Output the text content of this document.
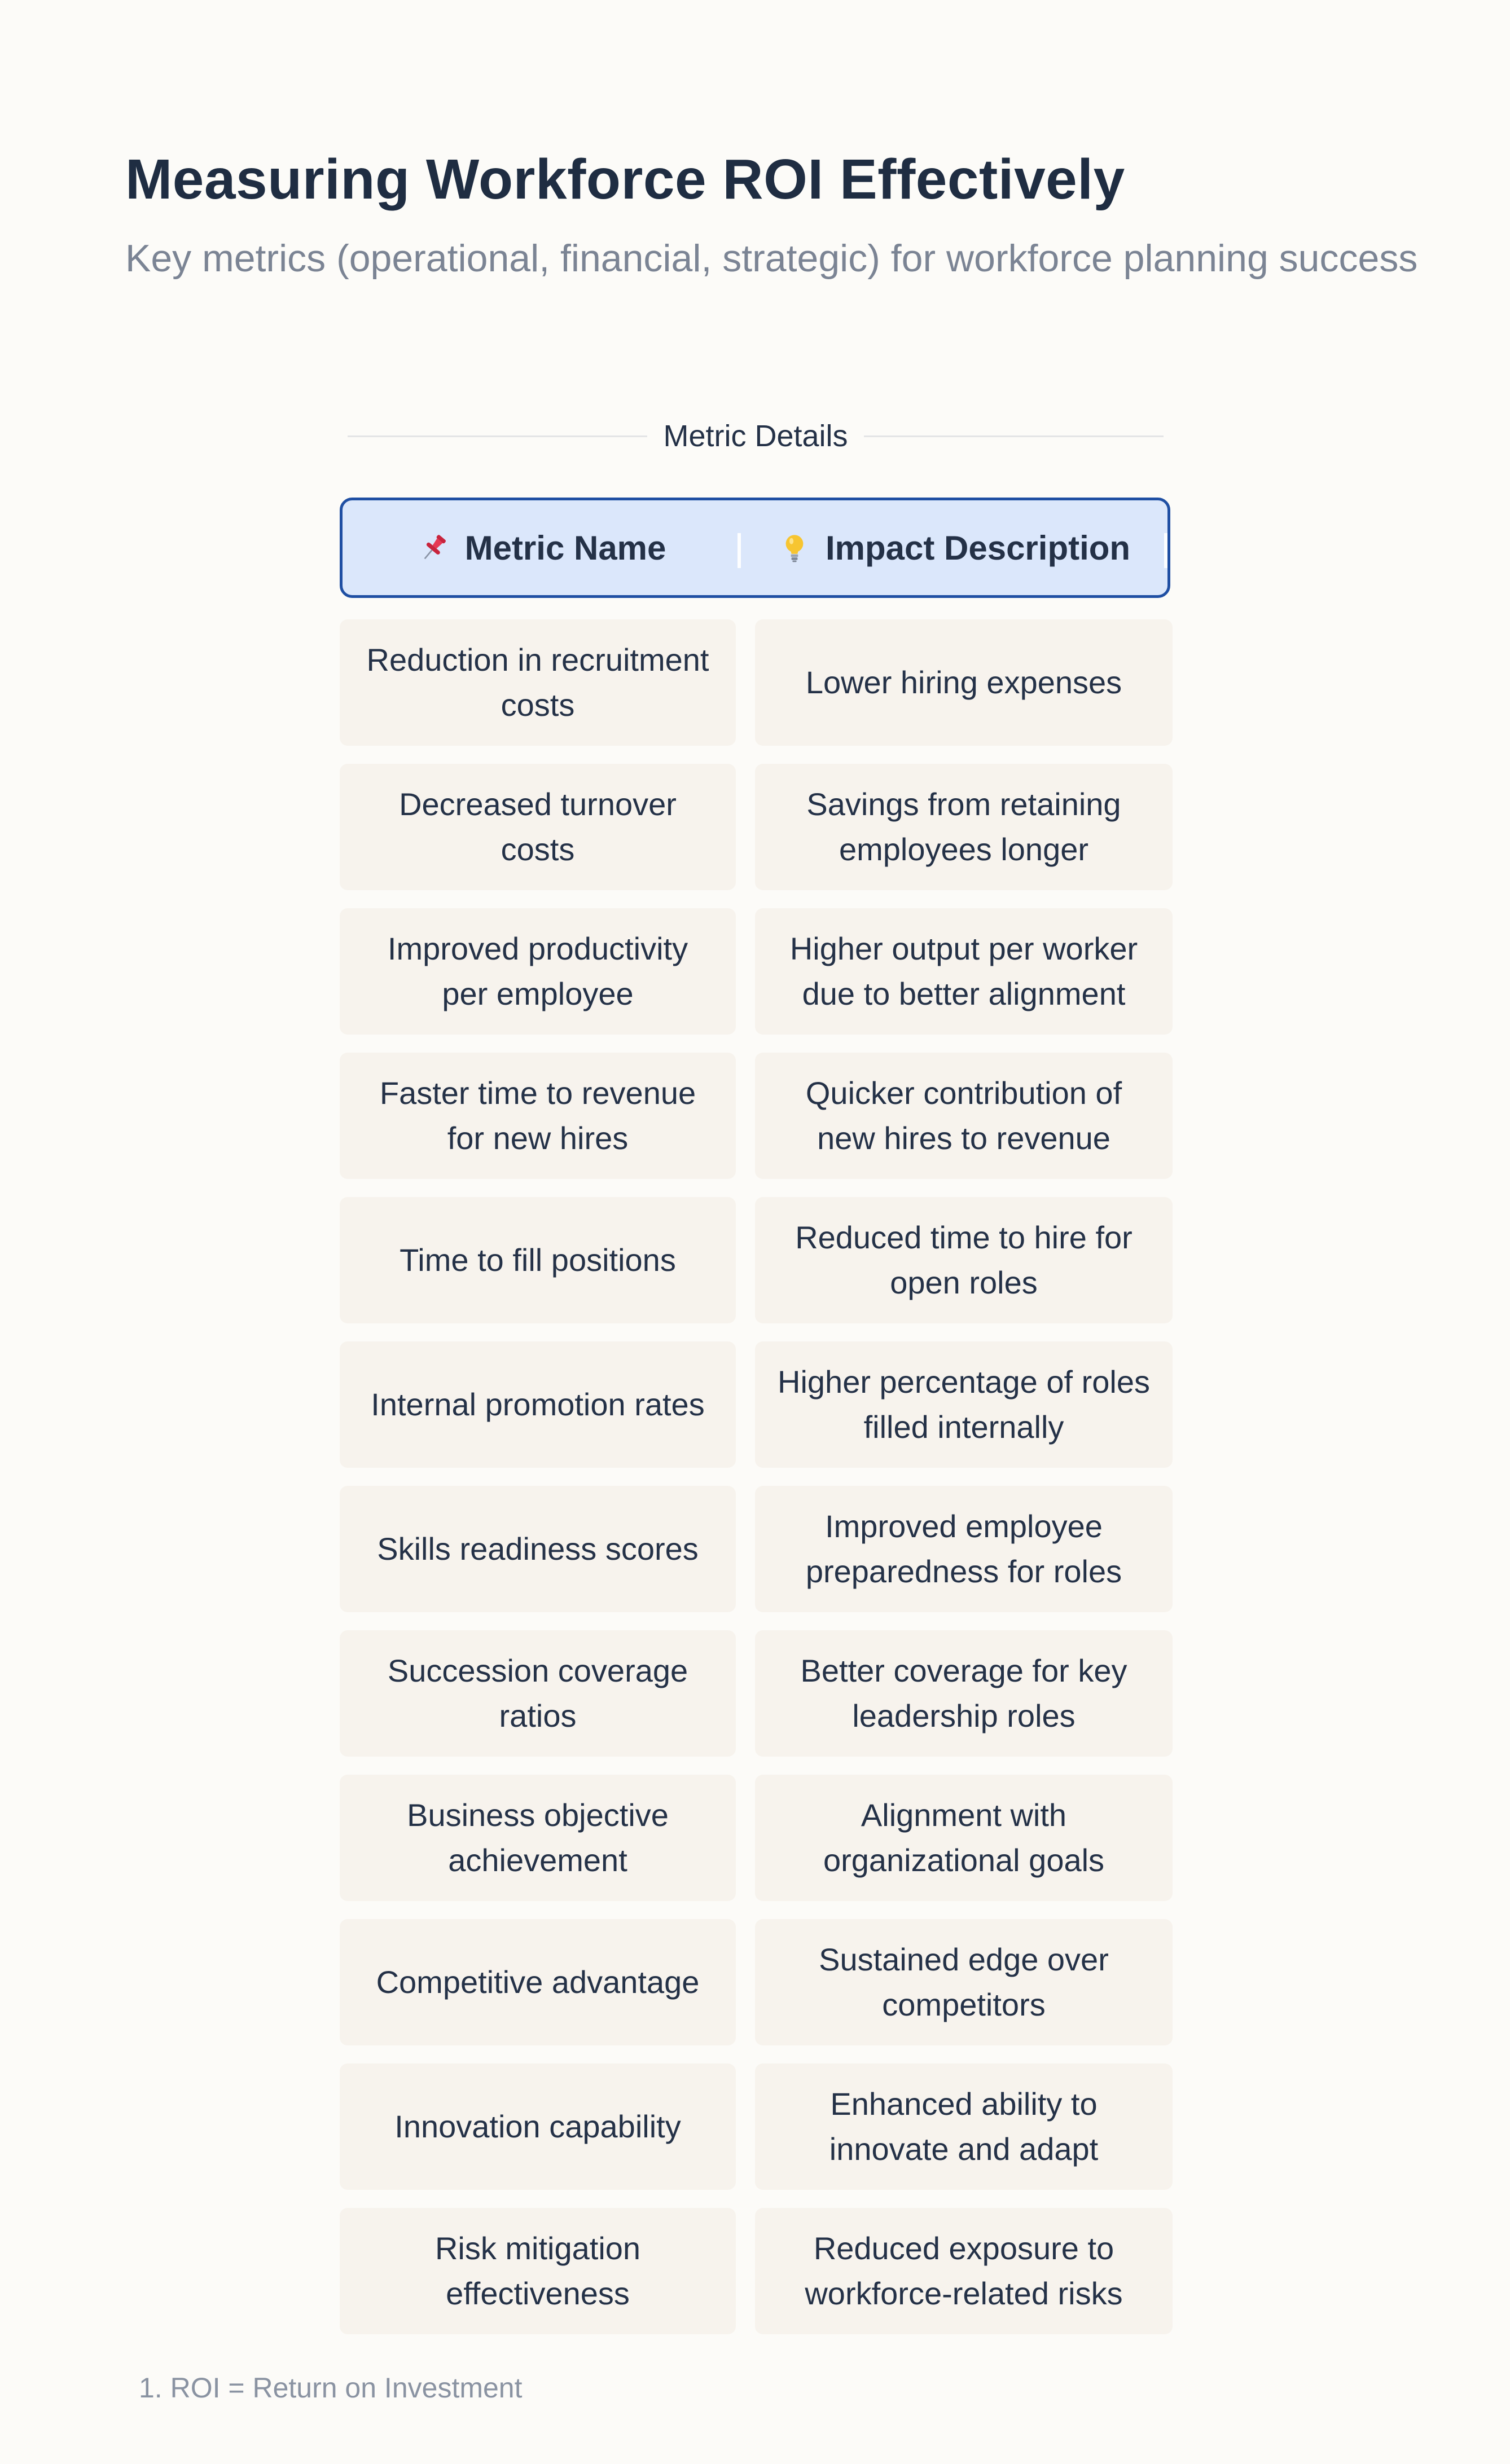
Measuring Workforce ROI Effectively

Key metrics (operational, financial, strategic) for workforce planning success

Metric Details
Metric Name	Impact Description
Reduction in recruitment costs
Lower hiring expenses
Decreased turnover costs
Savings from retaining employees longer
Improved productivity per employee
Higher output per worker due to better alignment
Faster time to revenue for new hires
Quicker contribution of new hires to revenue
Time to fill positions
Reduced time to hire for open roles
Internal promotion rates
Higher percentage of roles filled internally
Skills readiness scores
Improved employee preparedness for roles
Succession coverage ratios
Better coverage for key leadership roles
Business objective achievement
Alignment with organizational goals
Competitive advantage
Sustained edge over competitors
Innovation capability
Enhanced ability to innovate and adapt
Risk mitigation effectiveness
Reduced exposure to workforce-related risks
1. ROI = Return on Investment
